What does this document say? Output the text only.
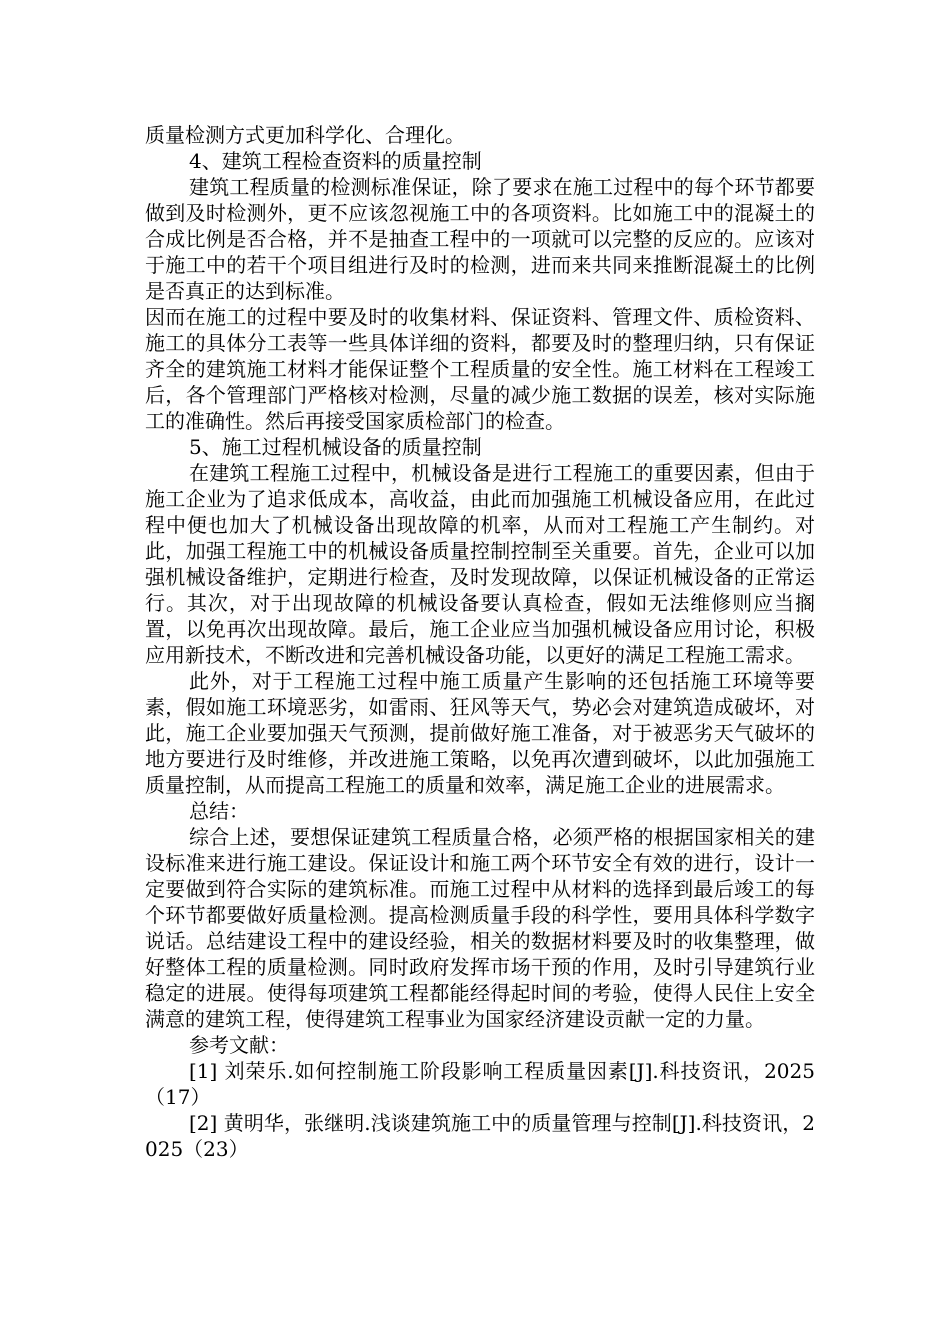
质量检测方式更加科学化、合理化。

4、建筑工程检查资料的质量控制

建筑工程质量的检测标准保证，除了要求在施工过程中的每个环节都要做到及时检测外，更不应该忽视施工中的各项资料。比如施工中的混凝土的合成比例是否合格，并不是抽查工程中的一项就可以完整的反应的。应该对于施工中的若干个项目组进行及时的检测，进而来共同来推断混凝土的比例是否真正的达到标准。

因而在施工的过程中要及时的收集材料、保证资料、管理文件、质检资料、施工的具体分工表等一些具体详细的资料，都要及时的整理归纳，只有保证齐全的建筑施工材料才能保证整个工程质量的安全性。施工材料在工程竣工后，各个管理部门严格核对检测，尽量的减少施工数据的误差，核对实际施工的准确性。然后再接受国家质检部门的检查。

5、施工过程机械设备的质量控制

在建筑工程施工过程中，机械设备是进行工程施工的重要因素，但由于施工企业为了追求低成本，高收益，由此而加强施工机械设备应用，在此过程中便也加大了机械设备出现故障的机率，从而对工程施工产生制约。对此，加强工程施工中的机械设备质量控制控制至关重要。首先，企业可以加强机械设备维护，定期进行检查，及时发现故障，以保证机械设备的正常运行。其次，对于出现故障的机械设备要认真检查，假如无法维修则应当搁置，以免再次出现故障。最后，施工企业应当加强机械设备应用讨论，积极应用新技术，不断改进和完善机械设备功能，以更好的满足工程施工需求。

此外，对于工程施工过程中施工质量产生影响的还包括施工环境等要素，假如施工环境恶劣，如雷雨、狂风等天气，势必会对建筑造成破坏，对此，施工企业要加强天气预测，提前做好施工准备，对于被恶劣天气破坏的地方要进行及时维修，并改进施工策略，以免再次遭到破坏，以此加强施工质量控制，从而提高工程施工的质量和效率，满足施工企业的进展需求。

总结：

综合上述，要想保证建筑工程质量合格，必须严格的根据国家相关的建设标准来进行施工建设。保证设计和施工两个环节安全有效的进行，设计一定要做到符合实际的建筑标准。而施工过程中从材料的选择到最后竣工的每个环节都要做好质量检测。提高检测质量手段的科学性，要用具体科学数字说话。总结建设工程中的建设经验，相关的数据材料要及时的收集整理，做好整体工程的质量检测。同时政府发挥市场干预的作用，及时引导建筑行业稳定的进展。使得每项建筑工程都能经得起时间的考验，使得人民住上安全满意的建筑工程，使得建筑工程事业为国家经济建设贡献一定的力量。

参考文献：

[1] 刘荣乐.如何控制施工阶段影响工程质量因素[J].科技资讯，2025（17）

[2] 黄明华，张继明.浅谈建筑施工中的质量管理与控制[J].科技资讯，2025（23）
